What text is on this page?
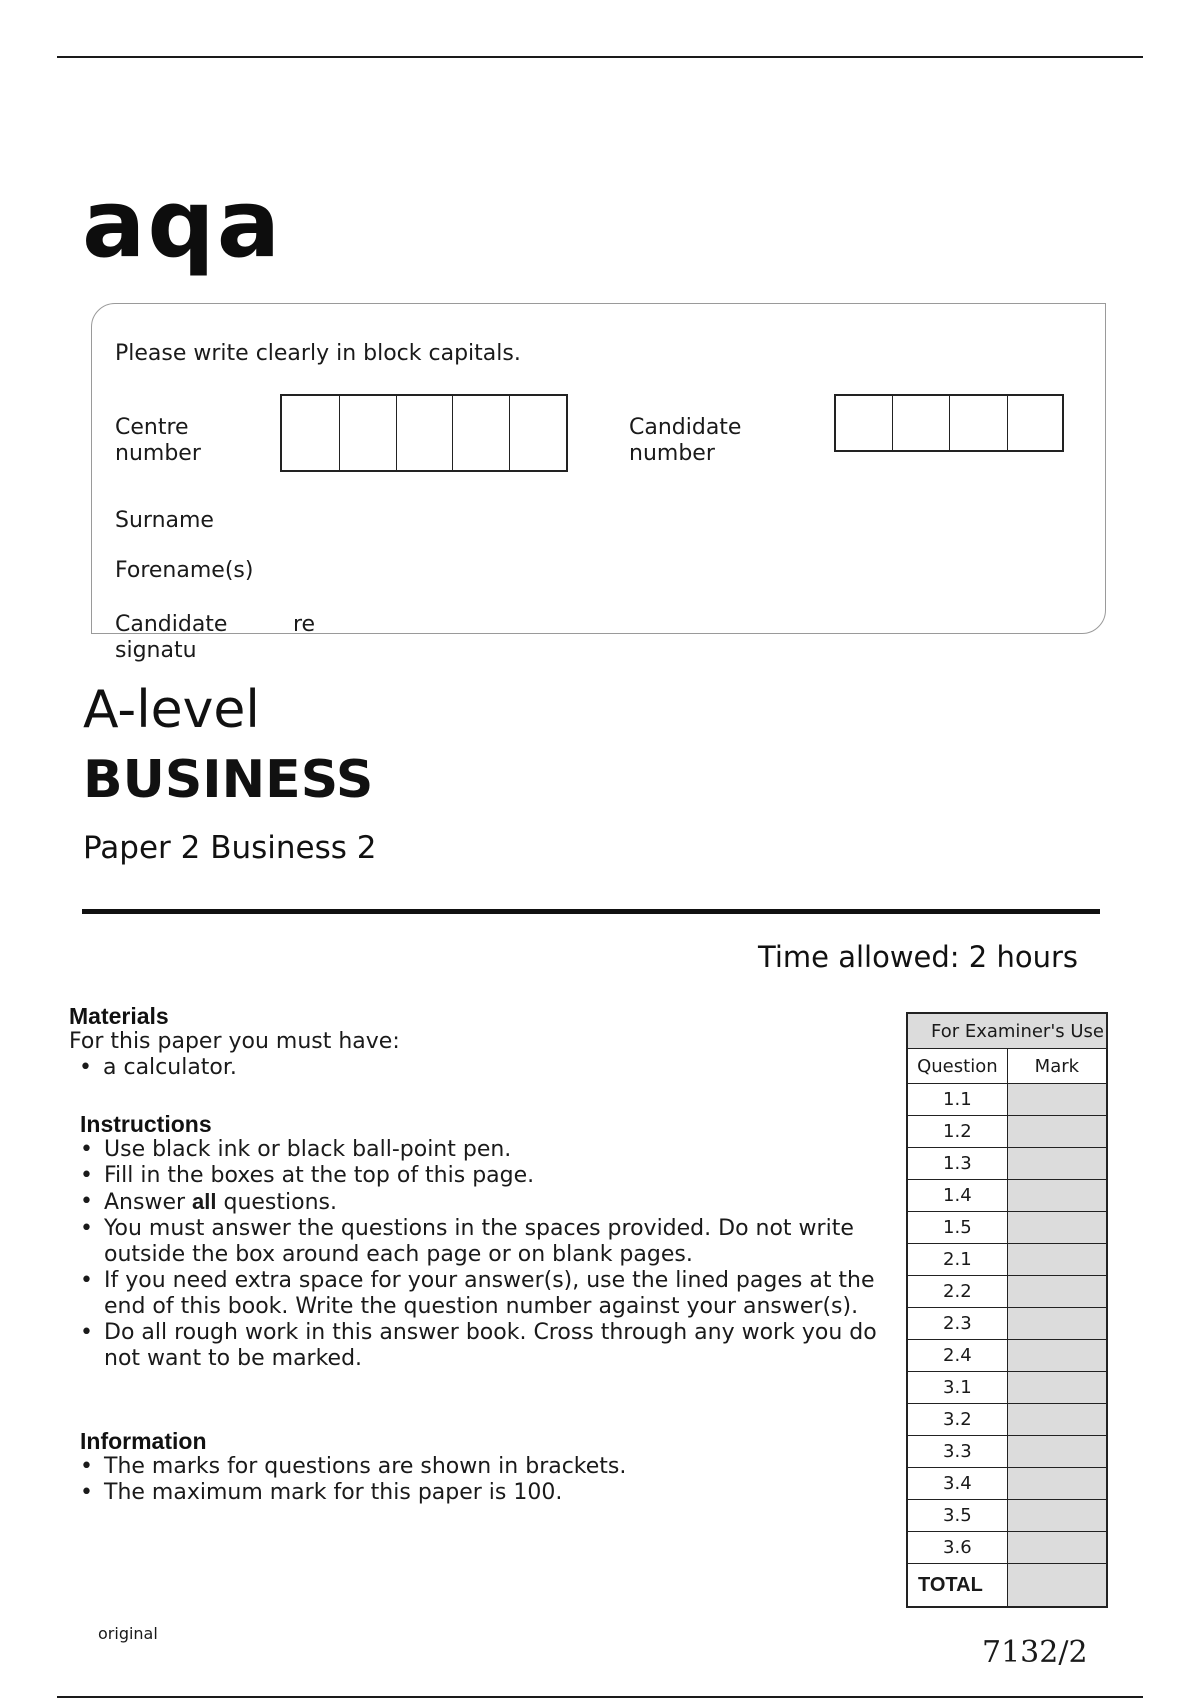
aqa
Please write clearly in block capitals.
Centre
number
Candidate
number
Surname
Forename(s)
Candidate
signatu
re
A-level
BUSINESS
Paper 2 Business 2
Time allowed: 2 hours
Materials
For this paper you must have:
• a calculator.
Instructions
• Use black ink or black ball-point pen.
• Fill in the boxes at the top of this page.
• Answer all questions.
• You must answer the questions in the spaces provided. Do not write outside the box around each page or on blank pages.
• If you need extra space for your answer(s), use the lined pages at the end of this book. Write the question number against your answer(s).
• Do all rough work in this answer book. Cross through any work you do not want to be marked.
Information
• The marks for questions are shown in brackets.
• The maximum mark for this paper is 100.
For Examiner's Use	
Question	Mark
1.1	
1.2	
1.3	
1.4	
1.5	
2.1	
2.2	
2.3	
2.4	
3.1	
3.2	
3.3	
3.4	
3.5	
3.6	
TOTAL	
original
7132/2
